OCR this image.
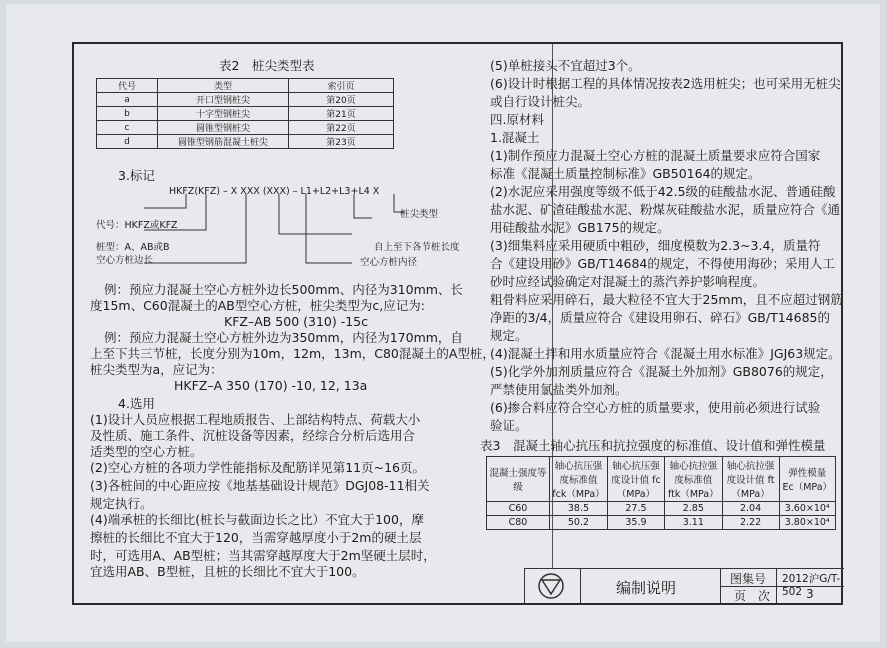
表2　桩尖类型表
代号	类型	索引页
a	开口型钢桩尖	第20页
b	十字型钢桩尖	第21页
c	圆锥型钢桩尖	第22页
d	圆锥型钢筋混凝土桩尖	第23页
3.标记
HKFZ(KFZ) – X XXX (XXX) – L1+L2+L3+L4 X
代号：HKFZ或KFZ
桩型：A、AB或B
空心方桩边长
桩尖类型
自上至下各节桩长度
空心方桩内径
例：预应力混凝土空心方桩外边长500mm、内径为310mm、长
度15m、C60混凝土的AB型空心方桩，桩尖类型为c,应记为:
KFZ–AB 500 (310) -15c
例：预应力混凝土空心方桩外边为350mm，内径为170mm，自
上至下共三节桩，长度分别为10m，12m，13m，C80混凝土的A型桩，
桩尖类型为a，应记为：
HKFZ–A 350 (170) -10, 12, 13a
4.选用
(1)设计人员应根据工程地质报告、上部结构特点、荷载大小
及性质、施工条件、沉桩设备等因素，经综合分析后选用合
适类型的空心方桩。
(2)空心方桩的各项力学性能指标及配筋详见第11页~16页。
(3)各桩间的中心距应按《地基基础设计规范》DGJ08-11相关
规定执行。
(4)端承桩的长细比(桩长与截面边长之比）不宜大于100，摩
擦桩的长细比不宜大于120，当需穿越厚度小于2m的硬土层
时，可选用A、AB型桩；当其需穿越厚度大于2m坚硬土层时，
宜选用AB、B型桩，且桩的长细比不宜大于100。
(5)单桩接头不宜超过3个。
(6)设计时根据工程的具体情况按表2选用桩尖；也可采用无桩尖
或自行设计桩尖。
四.原材料
1.混凝土
(1)制作预应力混凝土空心方桩的混凝土质量要求应符合国家
标准《混凝土质量控制标准》GB50164的规定。
(2)水泥应采用强度等级不低于42.5级的硅酸盐水泥、普通硅酸
盐水泥、矿渣硅酸盐水泥、粉煤灰硅酸盐水泥，质量应符合《通
用硅酸盐水泥》GB175的规定。
(3)细集料应采用硬质中粗砂，细度模数为2.3~3.4，质量符
合《建设用砂》GB/T14684的规定，不得使用海砂；采用人工
砂时应经试验确定对混凝土的蒸汽养护影响程度。
粗骨料应采用碎石，最大粒径不宜大于25mm，且不应超过钢筋
净距的3/4，质量应符合《建设用卵石、碎石》GB/T14685的
规定。
(4)混凝土拌和用水质量应符合《混凝土用水标准》JGJ63规定。
(5)化学外加剂质量应符合《混凝土外加剂》GB8076的规定，
严禁使用氯盐类外加剂。
(6)掺合料应符合空心方桩的质量要求，使用前必须进行试验
验证。
表3　混凝土轴心抗压和抗拉强度的标准值、设计值和弹性模量
混凝土强度等级	轴心抗压强度标准值 fck（MPa）	轴心抗压强度设计值 fc（MPa）	轴心抗拉强度标准值 ftk（MPa）	轴心抗拉强度设计值 ft（MPa）	弹性模量 Ec（MPa）
C60	38.5	27.5	2.85	2.04	3.60×10⁴
C80	50.2	35.9	3.11	2.22	3.80×10⁴
编制说明	图集号 2012沪G/T-502
页　次	3
